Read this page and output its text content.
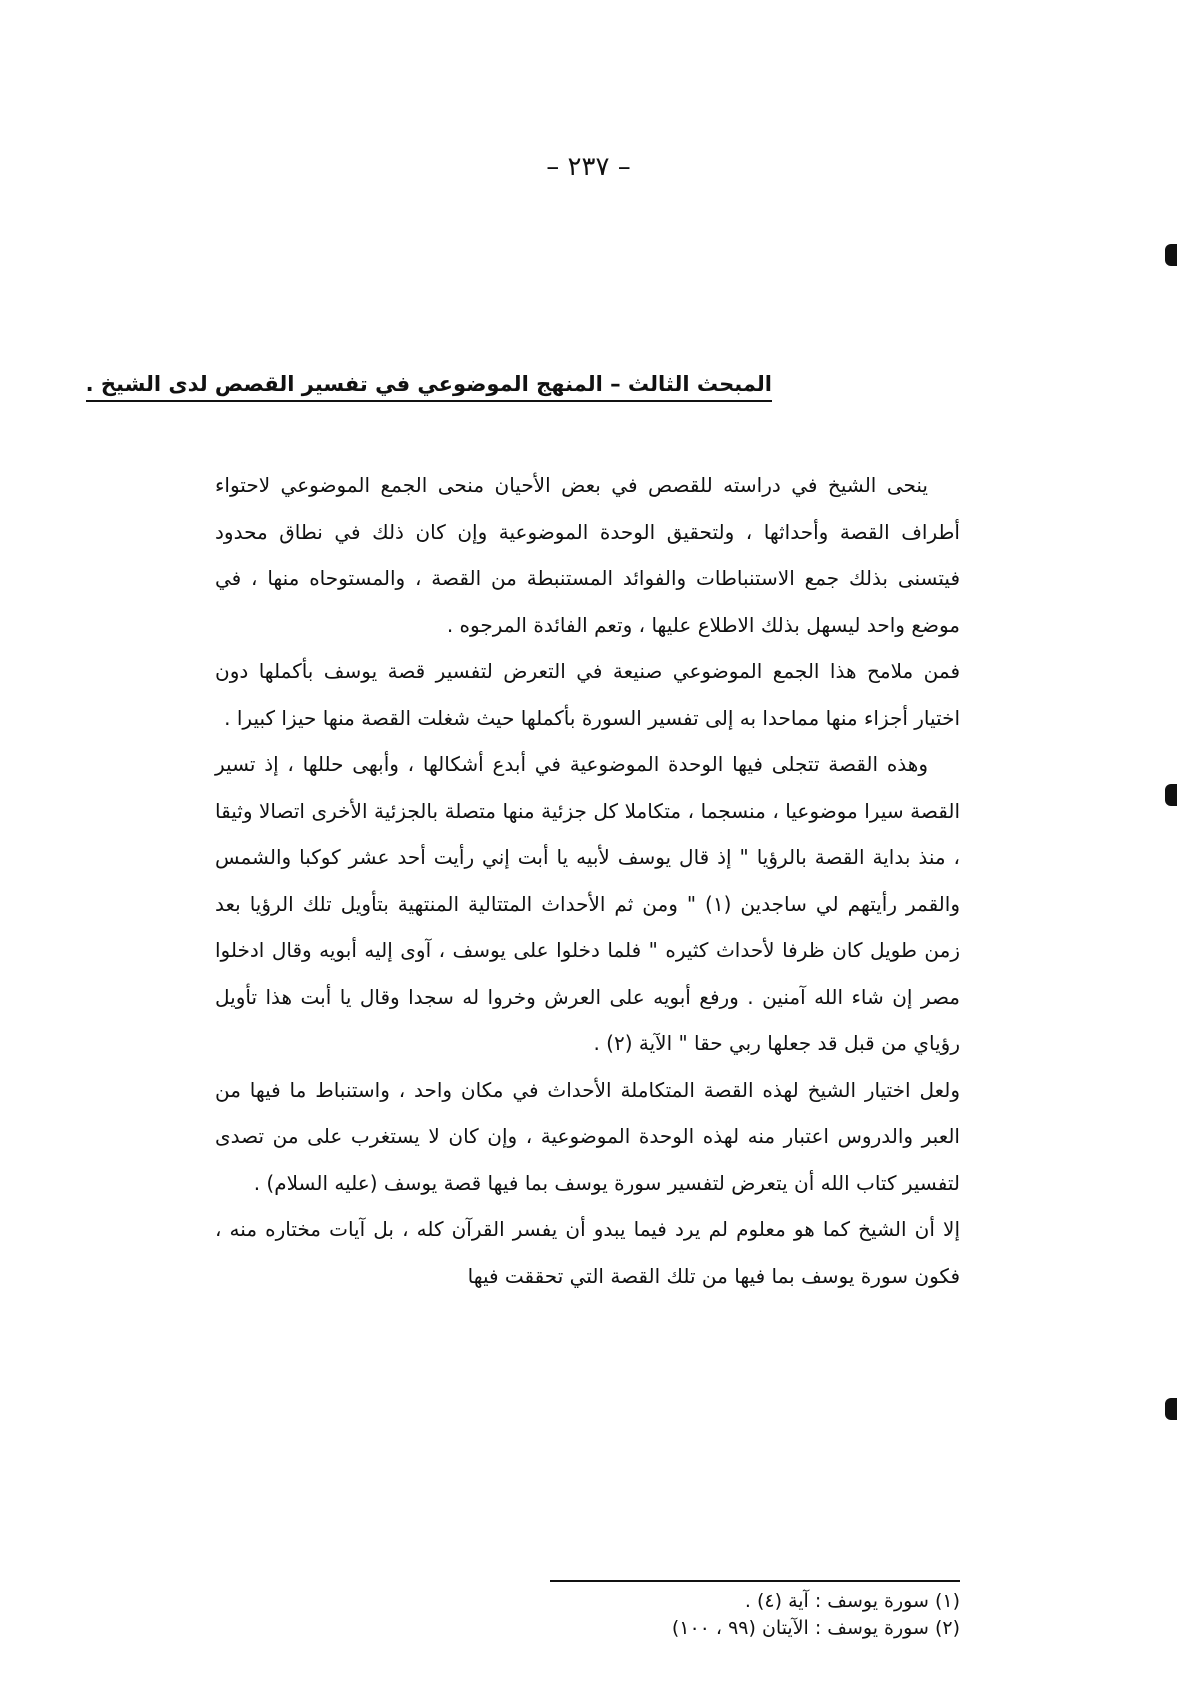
– ٢٣٧ –
المبحث الثالث – المنهج الموضوعي في تفسير القصص لدى الشيخ .

ينحى الشيخ في دراسته للقصص في بعض الأحيان منحى الجمع الموضوعي لاحتواء أطراف القصة وأحداثها ، ولتحقيق الوحدة الموضوعية وإن كان ذلك في نطاق محدود فيتسنى بذلك جمع الاستنباطات والفوائد المستنبطة من القصة ، والمستوحاه منها ، في موضع واحد ليسهل بذلك الاطلاع عليها ، وتعم الفائدة المرجوه .

فمن ملامح هذا الجمع الموضوعي صنيعة في التعرض لتفسير قصة يوسف بأكملها دون اختيار أجزاء منها مماحدا به إلى تفسير السورة بأكملها حيث شغلت القصة منها حيزا كبيرا .

وهذه القصة تتجلى فيها الوحدة الموضوعية في أبدع أشكالها ، وأبهى حللها ، إذ تسير القصة سيرا موضوعيا ، منسجما ، متكاملا كل جزئية منها متصلة بالجزئية الأخرى اتصالا وثيقا ، منذ بداية القصة بالرؤيا " إذ قال يوسف لأبيه يا أبت إني رأيت أحد عشر كوكبا والشمس والقمر رأيتهم لي ساجدين (١) " ومن ثم الأحداث المتتالية المنتهية بتأويل تلك الرؤيا بعد زمن طويل كان ظرفا لأحداث كثيره " فلما دخلوا على يوسف ، آوى إليه أبويه وقال ادخلوا مصر إن شاء الله آمنين . ورفع أبويه على العرش وخروا له سجدا وقال يا أبت هذا تأويل رؤياي من قبل قد جعلها ربي حقا " الآية (٢) .

ولعل اختيار الشيخ لهذه القصة المتكاملة الأحداث في مكان واحد ، واستنباط ما فيها من العبر والدروس اعتبار منه لهذه الوحدة الموضوعية ، وإن كان لا يستغرب على من تصدى لتفسير كتاب الله أن يتعرض لتفسير سورة يوسف بما فيها قصة يوسف (عليه السلام) .

إلا أن الشيخ كما هو معلوم لم يرد فيما يبدو أن يفسر القرآن كله ، بل آيات مختاره منه ، فكون سورة يوسف بما فيها من تلك القصة التي تحققت فيها

(١) سورة يوسف : آية (٤) .

(٢) سورة يوسف : الآيتان (٩٩ ، ١٠٠)
